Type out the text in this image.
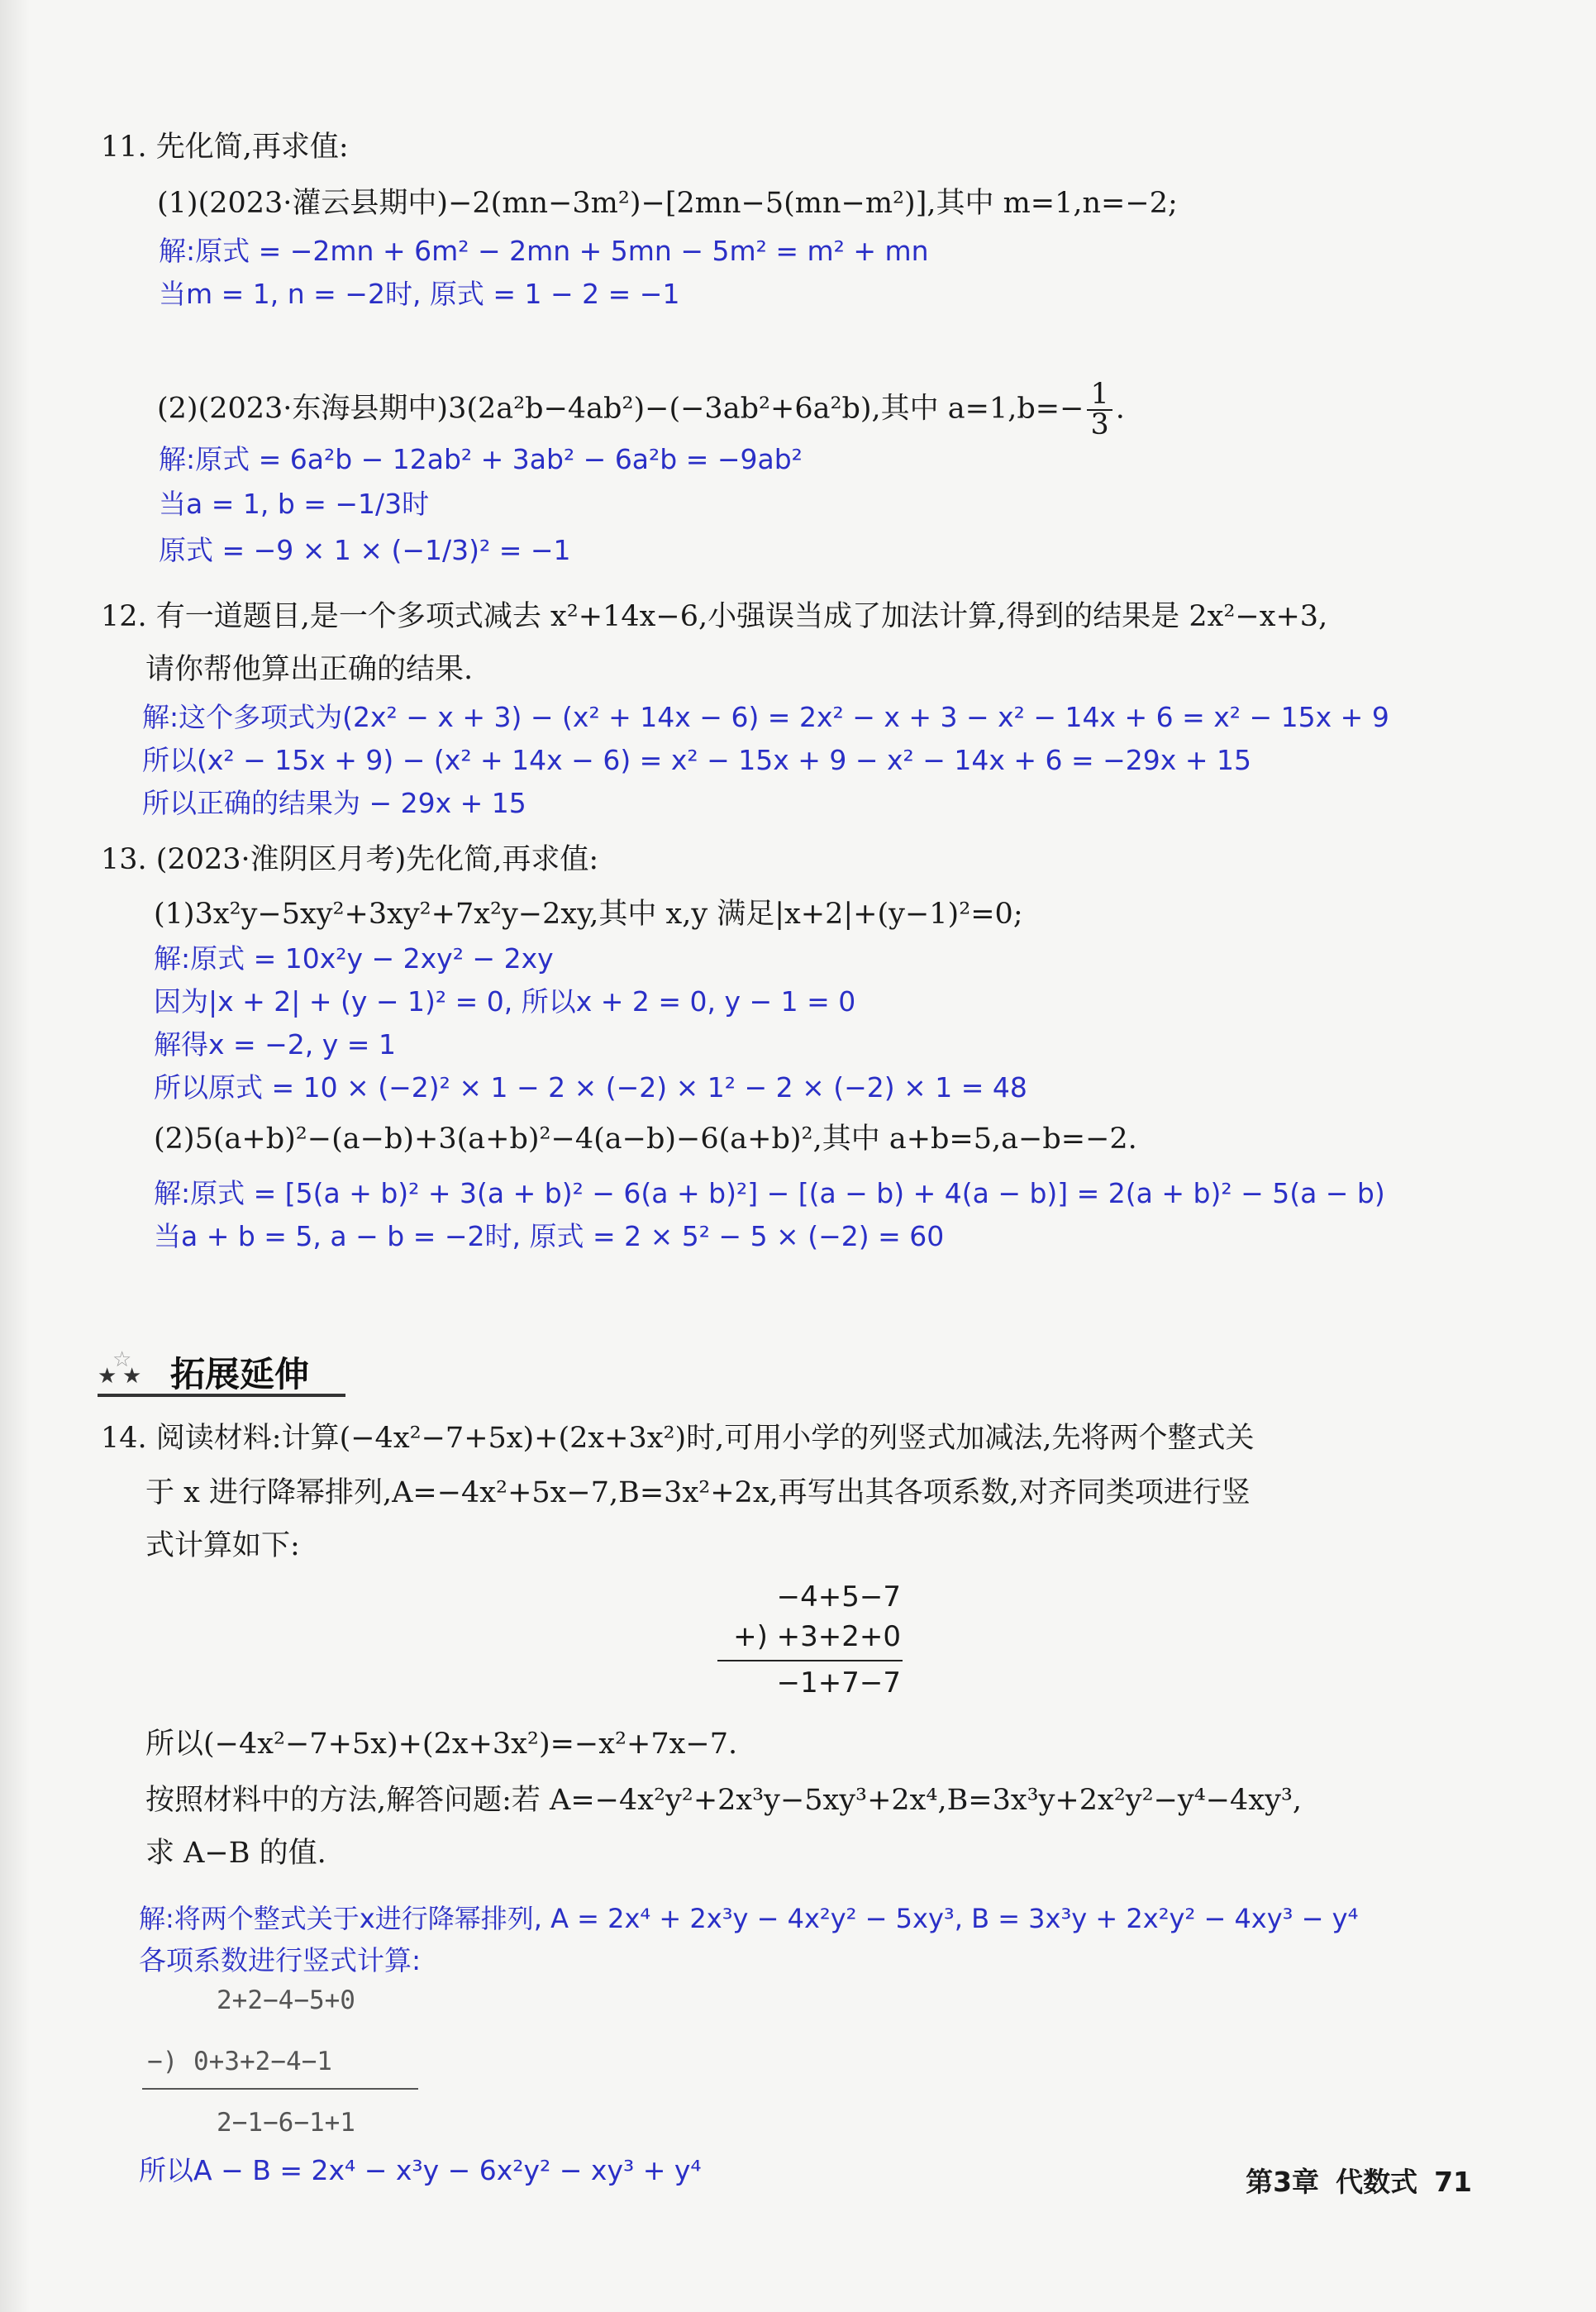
11. 先化简,再求值:
(1)(2023·灌云县期中)−2(mn−3m²)−[2mn−5(mn−m²)],其中 m=1,n=−2;
解:原式 = −2mn + 6m² − 2mn + 5mn − 5m² = m² + mn
当m = 1, n = −2时, 原式 = 1 − 2 = −1
(2)(2023·东海县期中)3(2a²b−4ab²)−(−3ab²+6a²b),其中 $a=1,b=- \frac{1}{3}$ .
解:原式 = 6a²b − 12ab² + 3ab² − 6a²b = −9ab²
当a = 1, b = −1/3时
原式 = −9 × 1 × (−1/3)² = −1
12. 有一道题目,是一个多项式减去 x²+14x−6,小强误当成了加法计算,得到的结果是 2x²−x+3,
请你帮他算出正确的结果.
解:这个多项式为(2x² − x + 3) − (x² + 14x − 6) = 2x² − x + 3 − x² − 14x + 6 = x² − 15x + 9
所以(x² − 15x + 9) − (x² + 14x − 6) = x² − 15x + 9 − x² − 14x + 6 = −29x + 15
所以正确的结果为 − 29x + 15
13. (2023·淮阴区月考)先化简,再求值:
(1)3x²y−5xy²+3xy²+7x²y−2xy,其中 x,y 满足|x+2|+(y−1)²=0;
解:原式 = 10x²y − 2xy² − 2xy
因为|x + 2| + (y − 1)² = 0, 所以x + 2 = 0, y − 1 = 0
解得x = −2, y = 1
所以原式 = 10 × (−2)² × 1 − 2 × (−2) × 1² − 2 × (−2) × 1 = 48
(2)5(a+b)²−(a−b)+3(a+b)²−4(a−b)−6(a+b)²,其中 a+b=5,a−b=−2.
解:原式 = [5(a + b)² + 3(a + b)² − 6(a + b)²] − [(a − b) + 4(a − b)] = 2(a + b)² − 5(a − b)
当a + b = 5, a − b = −2时, 原式 = 2 × 5² − 5 × (−2) = 60
★ ★
☆ 拓展延伸
14. 阅读材料:计算(−4x²−7+5x)+(2x+3x²)时,可用小学的列竖式加减法,先将两个整式关
于 x 进行降幂排列,A=−4x²+5x−7,B=3x²+2x,再写出其各项系数,对齐同类项进行竖
式计算如下:
−4+5−7
+) +3+2+0
−1+7−7
所以(−4x²−7+5x)+(2x+3x²)=−x²+7x−7.
按照材料中的方法,解答问题:若 A=−4x²y²+2x³y−5xy³+2x⁴,B=3x³y+2x²y²−y⁴−4xy³,
求 A−B 的值.
解:将两个整式关于x进行降幂排列, A = 2x⁴ + 2x³y − 4x²y² − 5xy³, B = 3x³y + 2x²y² − 4xy³ − y⁴
各项系数进行竖式计算:
2+2−4−5+0
−) 0+3+2−4−1
2−1−6−1+1
所以A − B = 2x⁴ − x³y − 6x²y² − xy³ + y⁴	第3章 代数式 71
